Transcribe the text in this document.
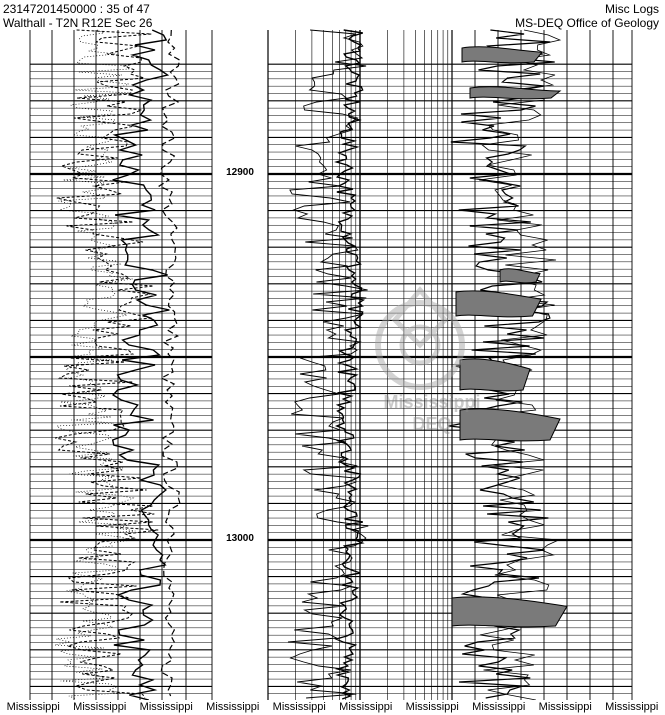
23147201450000 : 35 of 47
Walthall - T2N R12E Sec 26
Misc Logs
MS-DEQ Office of Geology
Mississippi
DEQ
12900
13000
Mississippi	Mississippi	Mississippi	Mississippi	Mississippi	Mississippi	Mississippi	Mississippi	Mississippi	Mississippi
